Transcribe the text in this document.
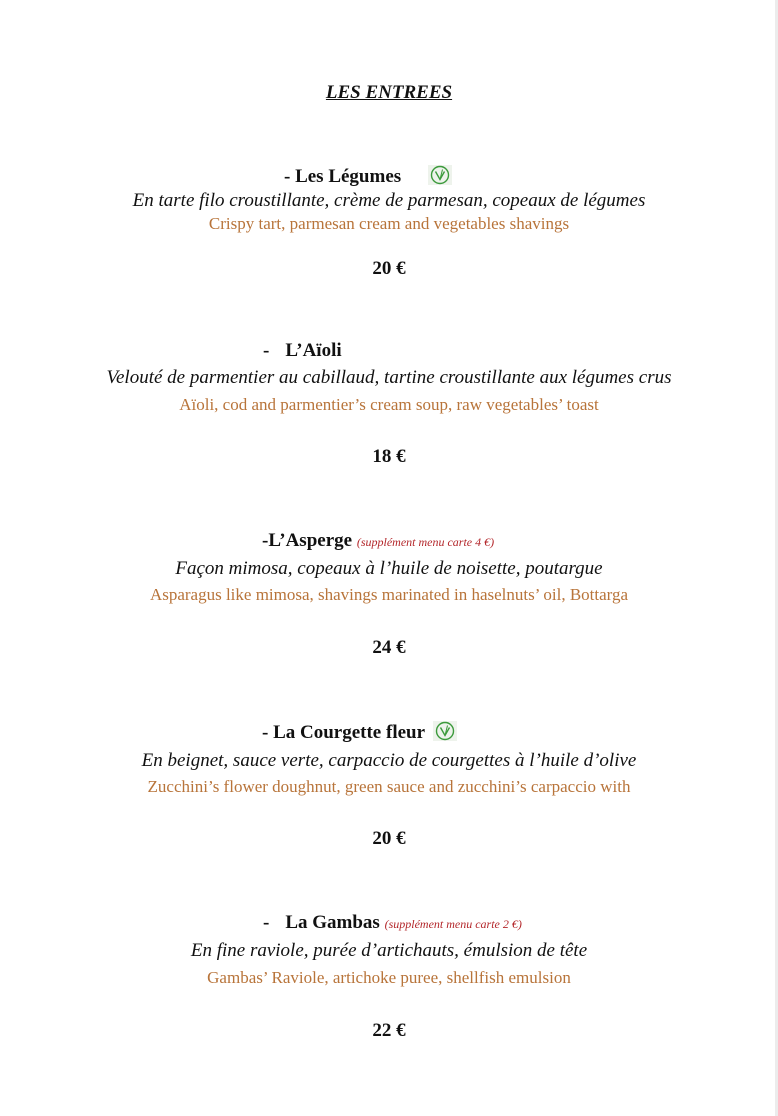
LES ENTREES
- Les Légumes
En tarte filo croustillante, crème de parmesan, copeaux de légumes
Crispy tart, parmesan cream and vegetables shavings
20 €
- L’Aïoli
Velouté de parmentier au cabillaud, tartine croustillante aux légumes crus
Aïoli, cod and parmentier’s cream soup, raw vegetables’ toast
18 €
-L’Asperge (supplément menu carte 4 €)
Façon mimosa, copeaux à l’huile de noisette, poutargue
Asparagus like mimosa, shavings marinated in haselnuts’ oil, Bottarga
24 €
- La Courgette fleur
En beignet, sauce verte, carpaccio de courgettes à l’huile d’olive
Zucchini’s flower doughnut, green sauce and zucchini’s carpaccio with
20 €
- La Gambas (supplément menu carte 2 €)
En fine raviole, purée d’artichauts, émulsion de tête
Gambas’ Raviole, artichoke puree, shellfish emulsion
22 €
